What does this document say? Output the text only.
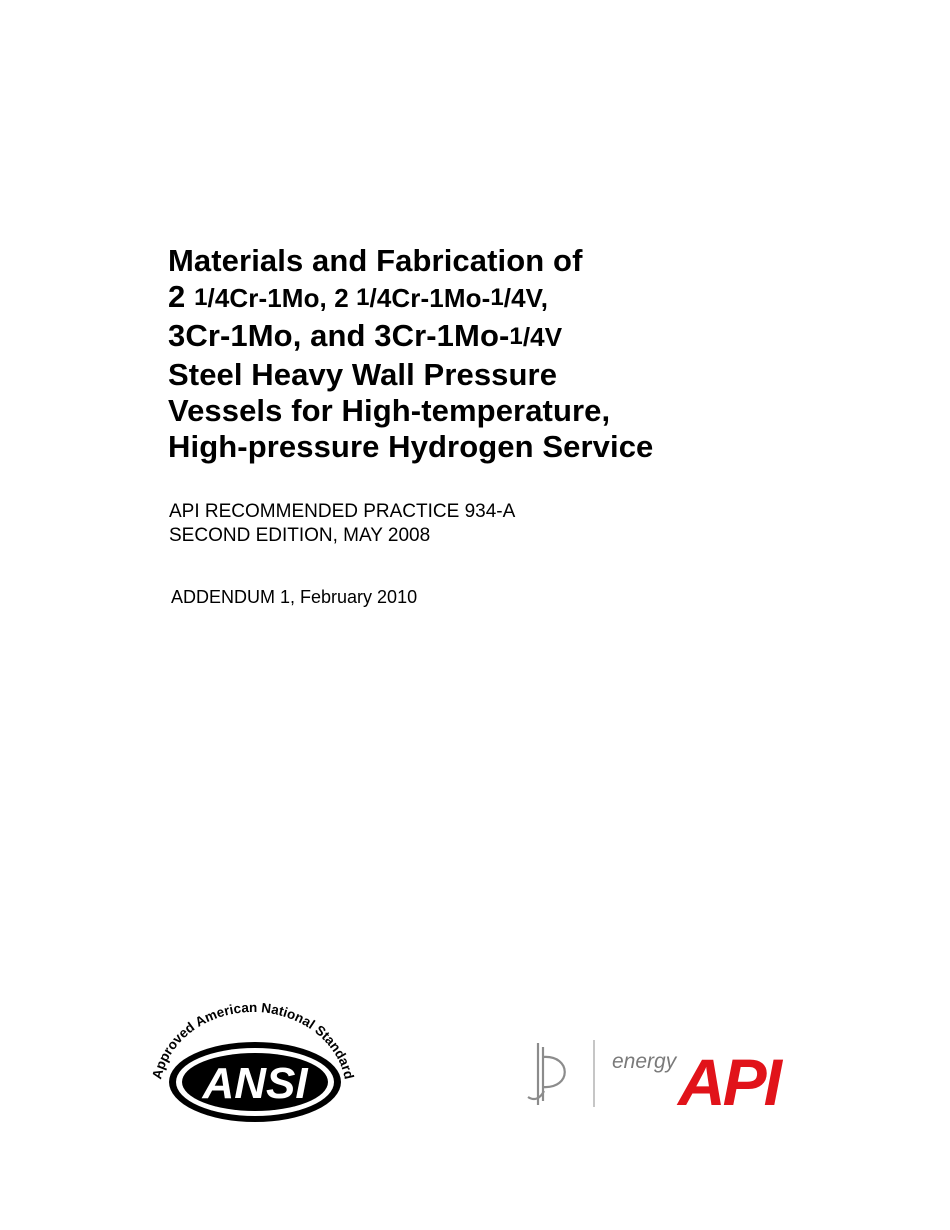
Materials and Fabrication of
2 $^1$/4Cr-1Mo, 2 $^1$/4Cr-1Mo-$^1$/4V,
3Cr-1Mo, and 3Cr-1Mo-$^1$/4V
Steel Heavy Wall Pressure
Vessels for High-temperature,
High-pressure Hydrogen Service
API RECOMMENDED PRACTICE 934-A
SECOND EDITION, MAY 2008
ADDENDUM 1, February 2010
Approved American National Standard
ANSI	energy API
